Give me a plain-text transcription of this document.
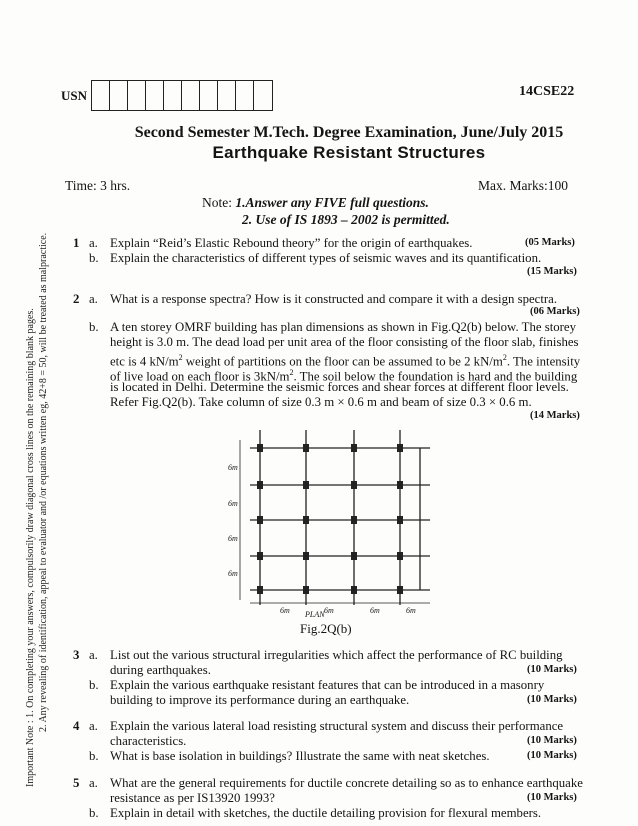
Important Note : 1. On completing your answers, compulsorily draw diagonal cross lines on the remaining blank pages. 2. Any revealing of identification, appeal to evaluator and /or equations written eg, 42+8 = 50, will be treated as malpractice.
USN	14CSE22
Second Semester M.Tech. Degree Examination, June/July 2015
Earthquake Resistant Structures
Time: 3 hrs.	Max. Marks:100
Note: 1.Answer any FIVE full questions.
2. Use of IS 1893 – 2002 is permitted.
1 a. Explain “Reid’s Elastic Rebound theory” for the origin of earthquakes.	(05 Marks)
b. Explain the characteristics of different types of seismic waves and its quantification.
(15 Marks)
2 a. What is a response spectra? How is it constructed and compare it with a design spectra.
(06 Marks)
b. A ten storey OMRF building has plan dimensions as shown in Fig.Q2(b) below. The storey
height is 3.0 m. The dead load per unit area of the floor consisting of the floor slab, finishes
etc is 4 $kN/m^2$ weight of partitions on the floor can be assumed to be 2 $kN/m^2$. The intensity
of live load on each floor is $3kN/m^2$. The soil below the foundation is hard and the building
is located in Delhi. Determine the seismic forces and shear forces at different floor levels.
Refer Fig.Q2(b). Take column of size 0.3 m × 0.6 m and beam of size 0.3 × 0.6 m.
(14 Marks)
6m
6m
6m
6m
6m	6m	6m	6m
PLAN
Fig.2Q(b)
3 a. List out the various structural irregularities which affect the performance of RC building
during earthquakes.	(10 Marks)
b. Explain the various earthquake resistant features that can be introduced in a masonry
building to improve its performance during an earthquake.	(10 Marks)
4 a. Explain the various lateral load resisting structural system and discuss their performance
characteristics.	(10 Marks)
b. What is base isolation in buildings? Illustrate the same with neat sketches.	(10 Marks)
5 a. What are the general requirements for ductile concrete detailing so as to enhance earthquake
resistance as per IS13920 1993?	(10 Marks)
b. Explain in detail with sketches, the ductile detailing provision for flexural members.
